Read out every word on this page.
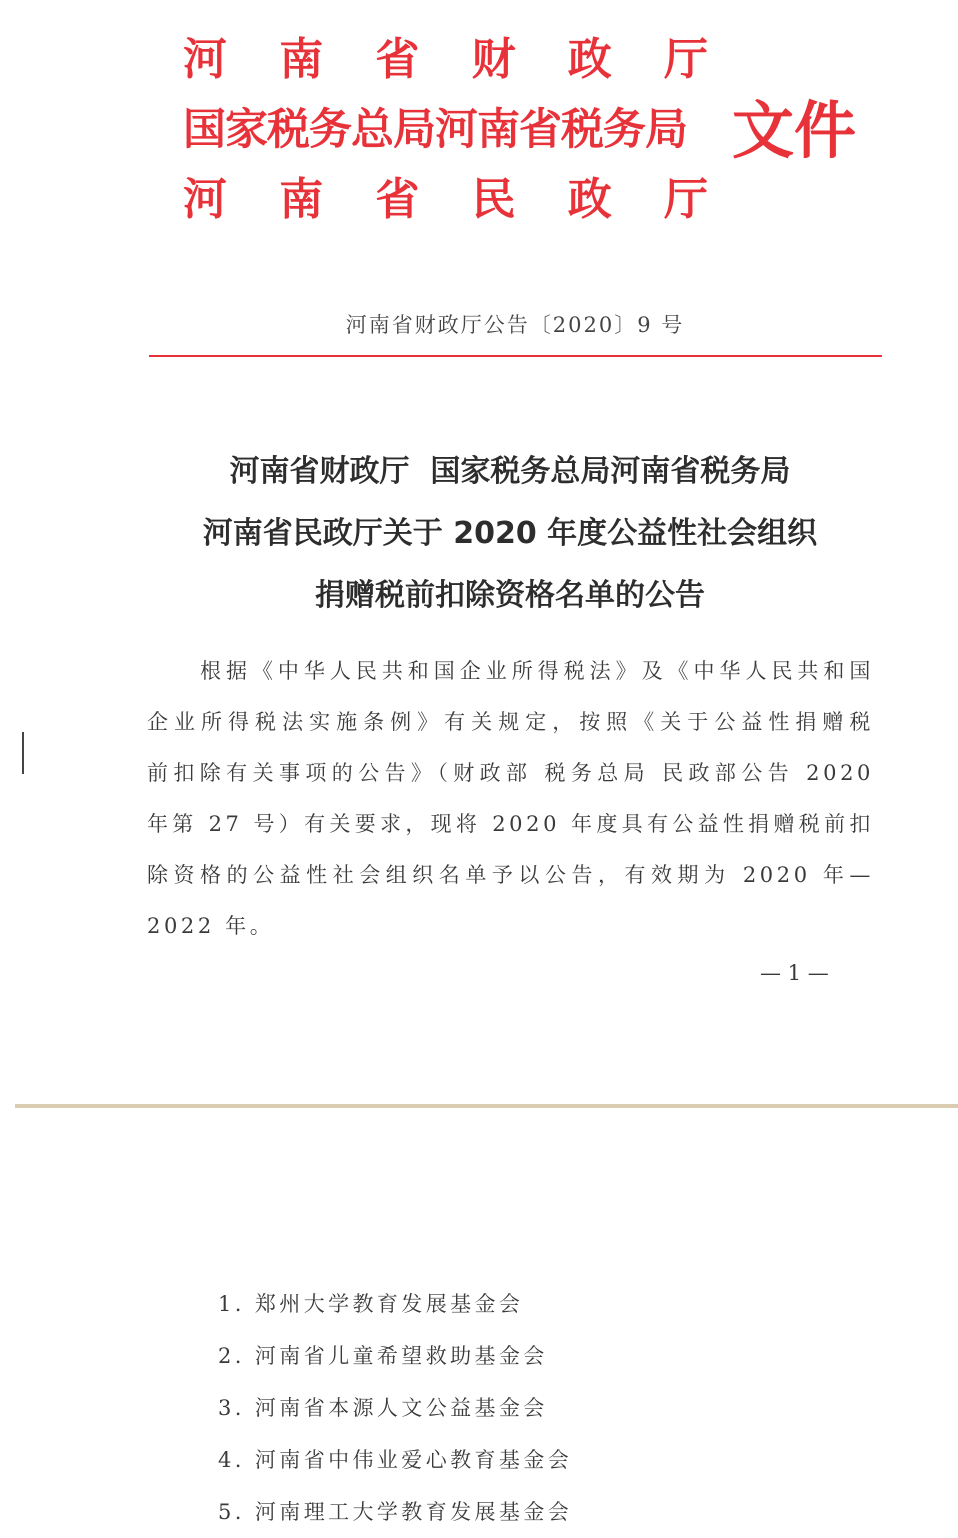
河 南 省 财 政 厅
国家税务总局河南省税务局
河 南 省 民 政 厅
文件
河南省财政厅公告〔2020〕9 号
河南省财政厅  国家税务总局河南省税务局
河南省民政厅关于 2020 年度公益性社会组织
捐赠税前扣除资格名单的公告
根据《中华人民共和国企业所得税法》及《中华人民共和国
企业所得税法实施条例》有关规定，按照《关于公益性捐赠税
前扣除有关事项的公告》（财政部 税务总局 民政部公告 2020
年第 27 号）有关要求，现将 2020 年度具有公益性捐赠税前扣
除资格的公益性社会组织名单予以公告，有效期为 2020 年—
2022 年。
— 1 —
1. 郑州大学教育发展基金会
2. 河南省儿童希望救助基金会
3. 河南省本源人文公益基金会
4. 河南省中伟业爱心教育基金会
5. 河南理工大学教育发展基金会
